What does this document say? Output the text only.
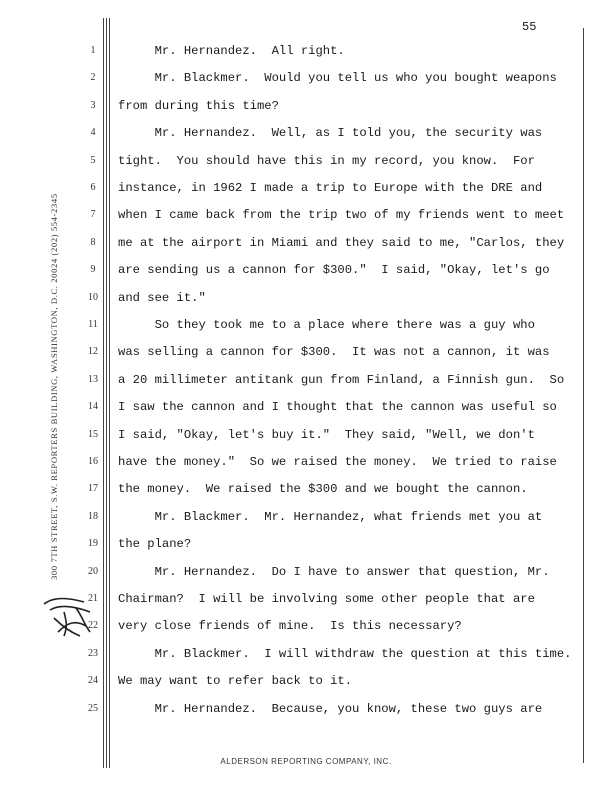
55
300 7TH STREET, S.W. REPORTERS BUILDING, WASHINGTON, D.C. 20024 (202) 554-2345
1	Mr. Hernandez.  All right.
2	Mr. Blackmer.  Would you tell us who you bought weapons
3	from during this time?
4	Mr. Hernandez.  Well, as I told you, the security was
5	tight.  You should have this in my record, you know.  For
6	instance, in 1962 I made a trip to Europe with the DRE and
7	when I came back from the trip two of my friends went to meet
8	me at the airport in Miami and they said to me, "Carlos, they
9	are sending us a cannon for $300."  I said, "Okay, let's go
10	and see it."
11	So they took me to a place where there was a guy who
12	was selling a cannon for $300.  It was not a cannon, it was
13	a 20 millimeter antitank gun from Finland, a Finnish gun.  So
14	I saw the cannon and I thought that the cannon was useful so
15	I said, "Okay, let's buy it."  They said, "Well, we don't
16	have the money."  So we raised the money.  We tried to raise
17	the money.  We raised the $300 and we bought the cannon.
18	Mr. Blackmer.  Mr. Hernandez, what friends met you at
19	the plane?
20	Mr. Hernandez.  Do I have to answer that question, Mr.
21	Chairman?  I will be involving some other people that are
22	very close friends of mine.  Is this necessary?
23	Mr. Blackmer.  I will withdraw the question at this time.
24	We may want to refer back to it.
25	Mr. Hernandez.  Because, you know, these two guys are
ALDERSON REPORTING COMPANY, INC.
